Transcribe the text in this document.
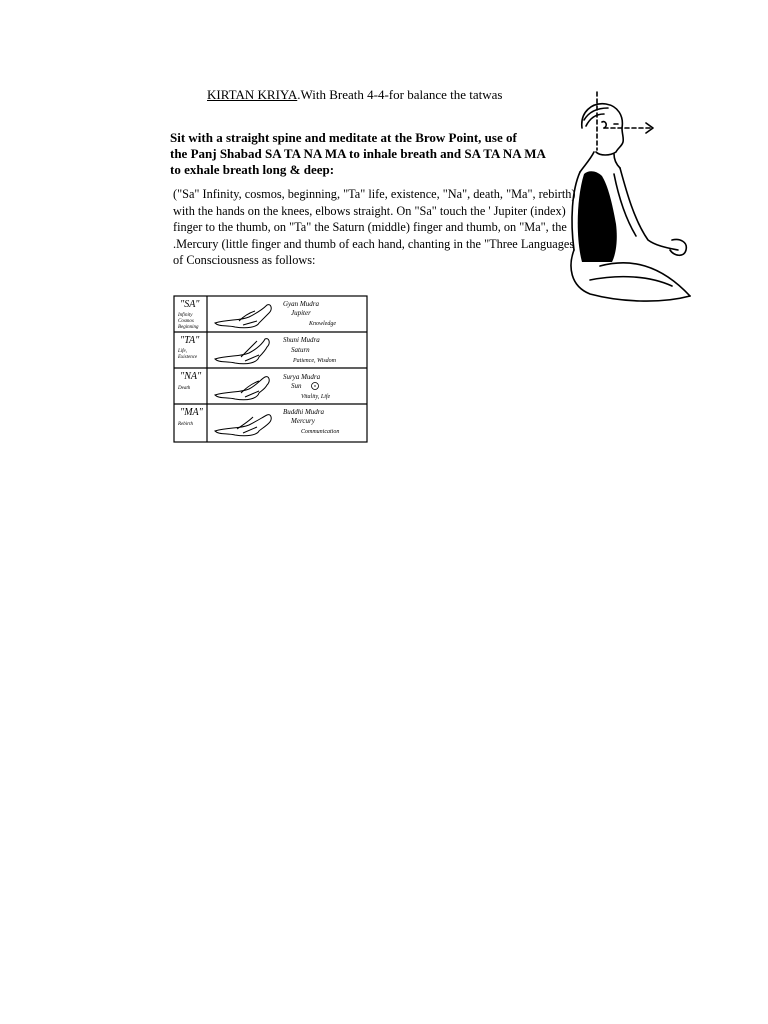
KIRTAN KRIYA.With Breath 4-4-for balance the tatwas
Sit with a straight spine and meditate at the Brow Point, use of
the Panj Shabad SA TA NA MA to inhale breath and SA TA NA MA
to exhale breath long & deep:
("Sa" Infinity, cosmos, beginning, "Ta" life, existence, "Na", death, "Ma", rebirth)
with the hands on the knees, elbows straight. On "Sa" touch the ' Jupiter (index)
finger to the thumb, on "Ta" the Saturn (middle) finger and thumb, on "Ma", the
.Mercury (little finger and thumb of each hand, chanting in the "Three Languages
of Consciousness as follows:
"SA"
Infinity
Cosmos
Beginning
Gyan Mudra
Jupiter
Knowledge
"TA"
Life,
Existence
Shuni Mudra
Saturn
Patience, Wisdom
"NA"
Death
Surya Mudra
Sun
Vitality, Life
"MA"
Rebirth
Buddhi Mudra
Mercury
Communication
